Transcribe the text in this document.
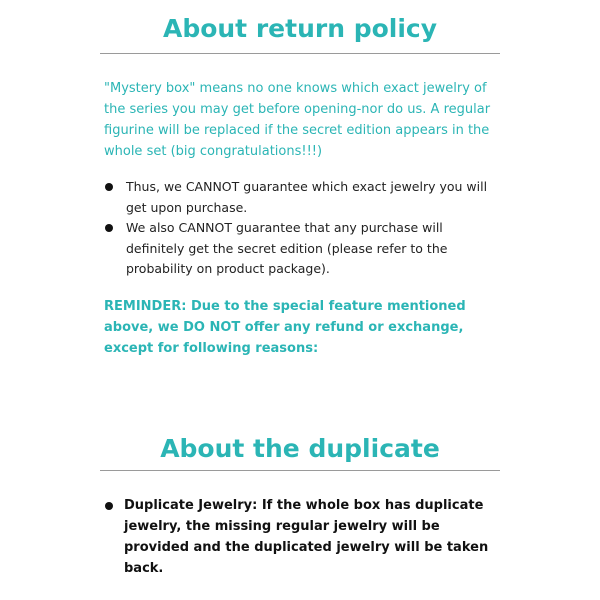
About return policy

"Mystery box" means no one knows which exact jewelry of the series you may get before opening-nor do us. A regular figurine will be replaced if the secret edition appears in the whole set (big congratulations!!!)

Thus, we CANNOT guarantee which exact jewelry you will get upon purchase.
We also CANNOT guarantee that any purchase will definitely get the secret edition (please refer to the probability on product package).

REMINDER: Due to the special feature mentioned above, we DO NOT offer any refund or exchange, except for following reasons:

About the duplicate
Duplicate Jewelry: If the whole box has duplicate jewelry, the missing regular jewelry will be provided and the duplicated jewelry will be taken back.
